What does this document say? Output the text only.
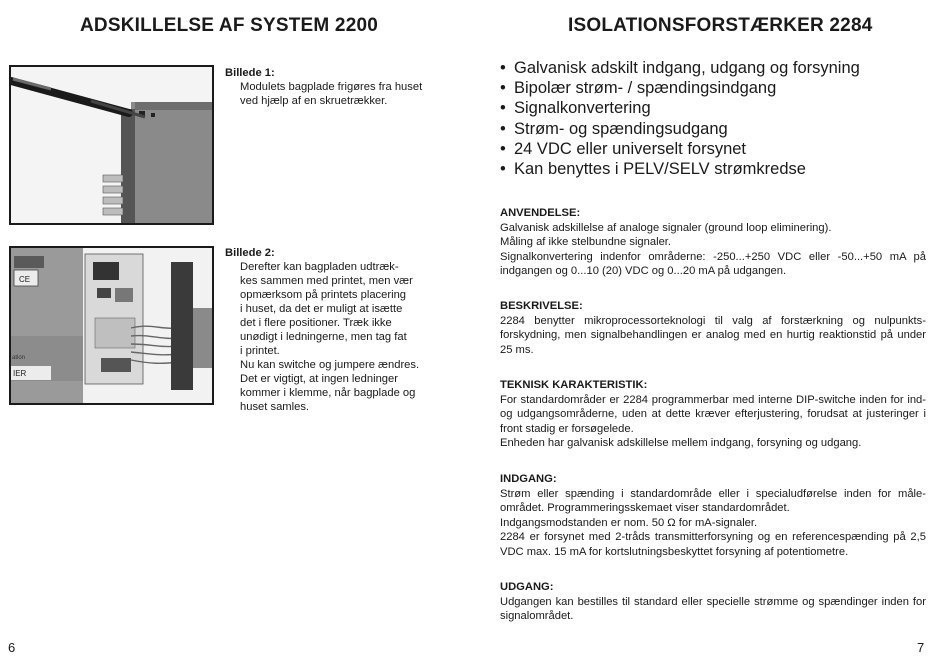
ADSKILLELSE AF SYSTEM 2200
Billede 1:
Modulets bagplade frigøres fra huset
ved hjælp af en skruetrækker.
CE
ation
IER
Billede 2:
Derefter kan bagpladen udtræk-
kes sammen med printet, men vær
opmærksom på printets placering
i huset, da det er muligt at isætte
det i flere positioner. Træk ikke
unødigt i ledningerne, men tag fat
i printet.
Nu kan switche og jumpere ændres.
Det er vigtigt, at ingen ledninger
kommer i klemme, når bagplade og
huset samles.
6
ISOLATIONSFORSTÆRKER 2284
• Galvanisk adskilt indgang, udgang og forsyning
• Bipolær strøm- / spændingsindgang
• Signalkonvertering
• Strøm- og spændingsudgang
• 24 VDC eller universelt forsynet
• Kan benyttes i PELV/SELV strømkredse
ANVENDELSE:

Galvanisk adskillelse af analoge signaler (ground loop eliminering).

Måling af ikke stelbundne signaler.

Signalkonvertering indenfor områderne: -250...+250 VDC eller -50...+50 mA på indgangen og 0...10 (20) VDC og 0...20 mA på udgangen.

BESKRIVELSE:

2284 benytter mikroprocessorteknologi til valg af forstærkning og nulpunkts-forskydning, men signalbehandlingen er analog med en hurtig reaktionstid på under 25 ms.

TEKNISK KARAKTERISTIK:

For standardområder er 2284 programmerbar med interne DIP-switche inden for ind- og udgangsområderne, uden at dette kræver efterjustering, forudsat at justeringer i front stadig er forsøgelede.

Enheden har galvanisk adskillelse mellem indgang, forsyning og udgang.

INDGANG:

Strøm eller spænding i standardområde eller i specialudførelse inden for måle-området. Programmeringsskemaet viser standardområdet.

Indgangsmodstanden er nom. 50 Ω for mA-signaler.

2284 er forsynet med 2-tråds transmitterforsyning og en referencespænding på 2,5 VDC max. 15 mA for kortslutningsbeskyttet forsyning af potentiometre.

UDGANG:

Udgangen kan bestilles til standard eller specielle strømme og spændinger inden for signalområdet.

7
